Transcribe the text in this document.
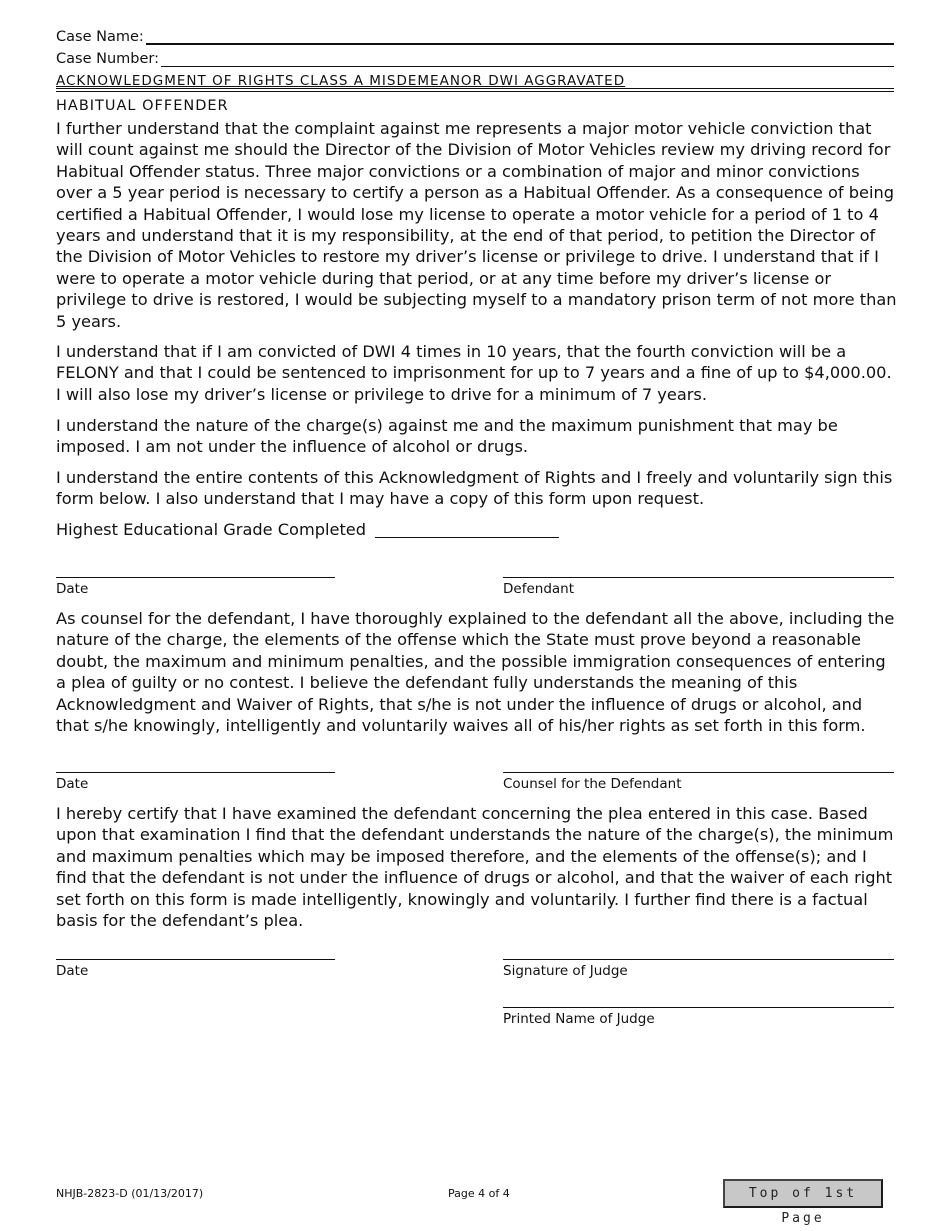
Case Name:
Case Number:
ACKNOWLEDGMENT OF RIGHTS CLASS A MISDEMEANOR DWI AGGRAVATED
HABITUAL OFFENDER

I further understand that the complaint against me represents a major motor vehicle conviction that will count against me should the Director of the Division of Motor Vehicles review my driving record for Habitual Offender status. Three major convictions or a combination of major and minor convictions over a 5 year period is necessary to certify a person as a Habitual Offender. As a consequence of being certified a Habitual Offender, I would lose my license to operate a motor vehicle for a period of 1 to 4 years and understand that it is my responsibility, at the end of that period, to petition the Director of the Division of Motor Vehicles to restore my driver’s license or privilege to drive. I understand that if I were to operate a motor vehicle during that period, or at any time before my driver’s license or privilege to drive is restored, I would be subjecting myself to a mandatory prison term of not more than 5 years.

I understand that if I am convicted of DWI 4 times in 10 years, that the fourth conviction will be a FELONY and that I could be sentenced to imprisonment for up to 7 years and a fine of up to $4,000.00. I will also lose my driver’s license or privilege to drive for a minimum of 7 years.

I understand the nature of the charge(s) against me and the maximum punishment that may be imposed. I am not under the influence of alcohol or drugs.

I understand the entire contents of this Acknowledgment of Rights and I freely and voluntarily sign this form below. I also understand that I may have a copy of this form upon request.

Highest Educational Grade Completed
Date	Defendant

As counsel for the defendant, I have thoroughly explained to the defendant all the above, including the nature of the charge, the elements of the offense which the State must prove beyond a reasonable doubt, the maximum and minimum penalties, and the possible immigration consequences of entering a plea of guilty or no contest. I believe the defendant fully understands the meaning of this Acknowledgment and Waiver of Rights, that s/he is not under the influence of drugs or alcohol, and that s/he knowingly, intelligently and voluntarily waives all of his/her rights as set forth in this form.

Date	Counsel for the Defendant

I hereby certify that I have examined the defendant concerning the plea entered in this case. Based upon that examination I find that the defendant understands the nature of the charge(s), the minimum and maximum penalties which may be imposed therefore, and the elements of the offense(s); and I find that the defendant is not under the influence of drugs or alcohol, and that the waiver of each right set forth on this form is made intelligently, knowingly and voluntarily. I further find there is a factual basis for the defendant’s plea.

Date	Signature of Judge
Printed Name of Judge
NHJB-2823-D (01/13/2017)	Page 4 of 4	Top of 1st Page
